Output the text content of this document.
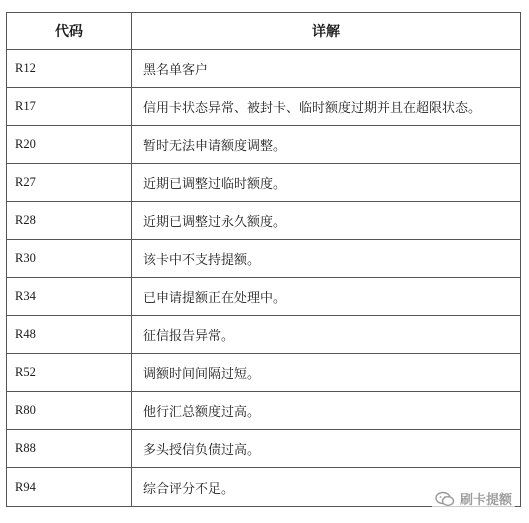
代码	详解
R12	黑名单客户
R17	信用卡状态异常、被封卡、临时额度过期并且在超限状态。
R20	暂时无法申请额度调整。
R27	近期已调整过临时额度。
R28	近期已调整过永久额度。
R30	该卡中不支持提额。
R34	已申请提额正在处理中。
R48	征信报告异常。
R52	调额时间间隔过短。
R80	他行汇总额度过高。
R88	多头授信负债过高。
R94	综合评分不足。
刷卡提额
